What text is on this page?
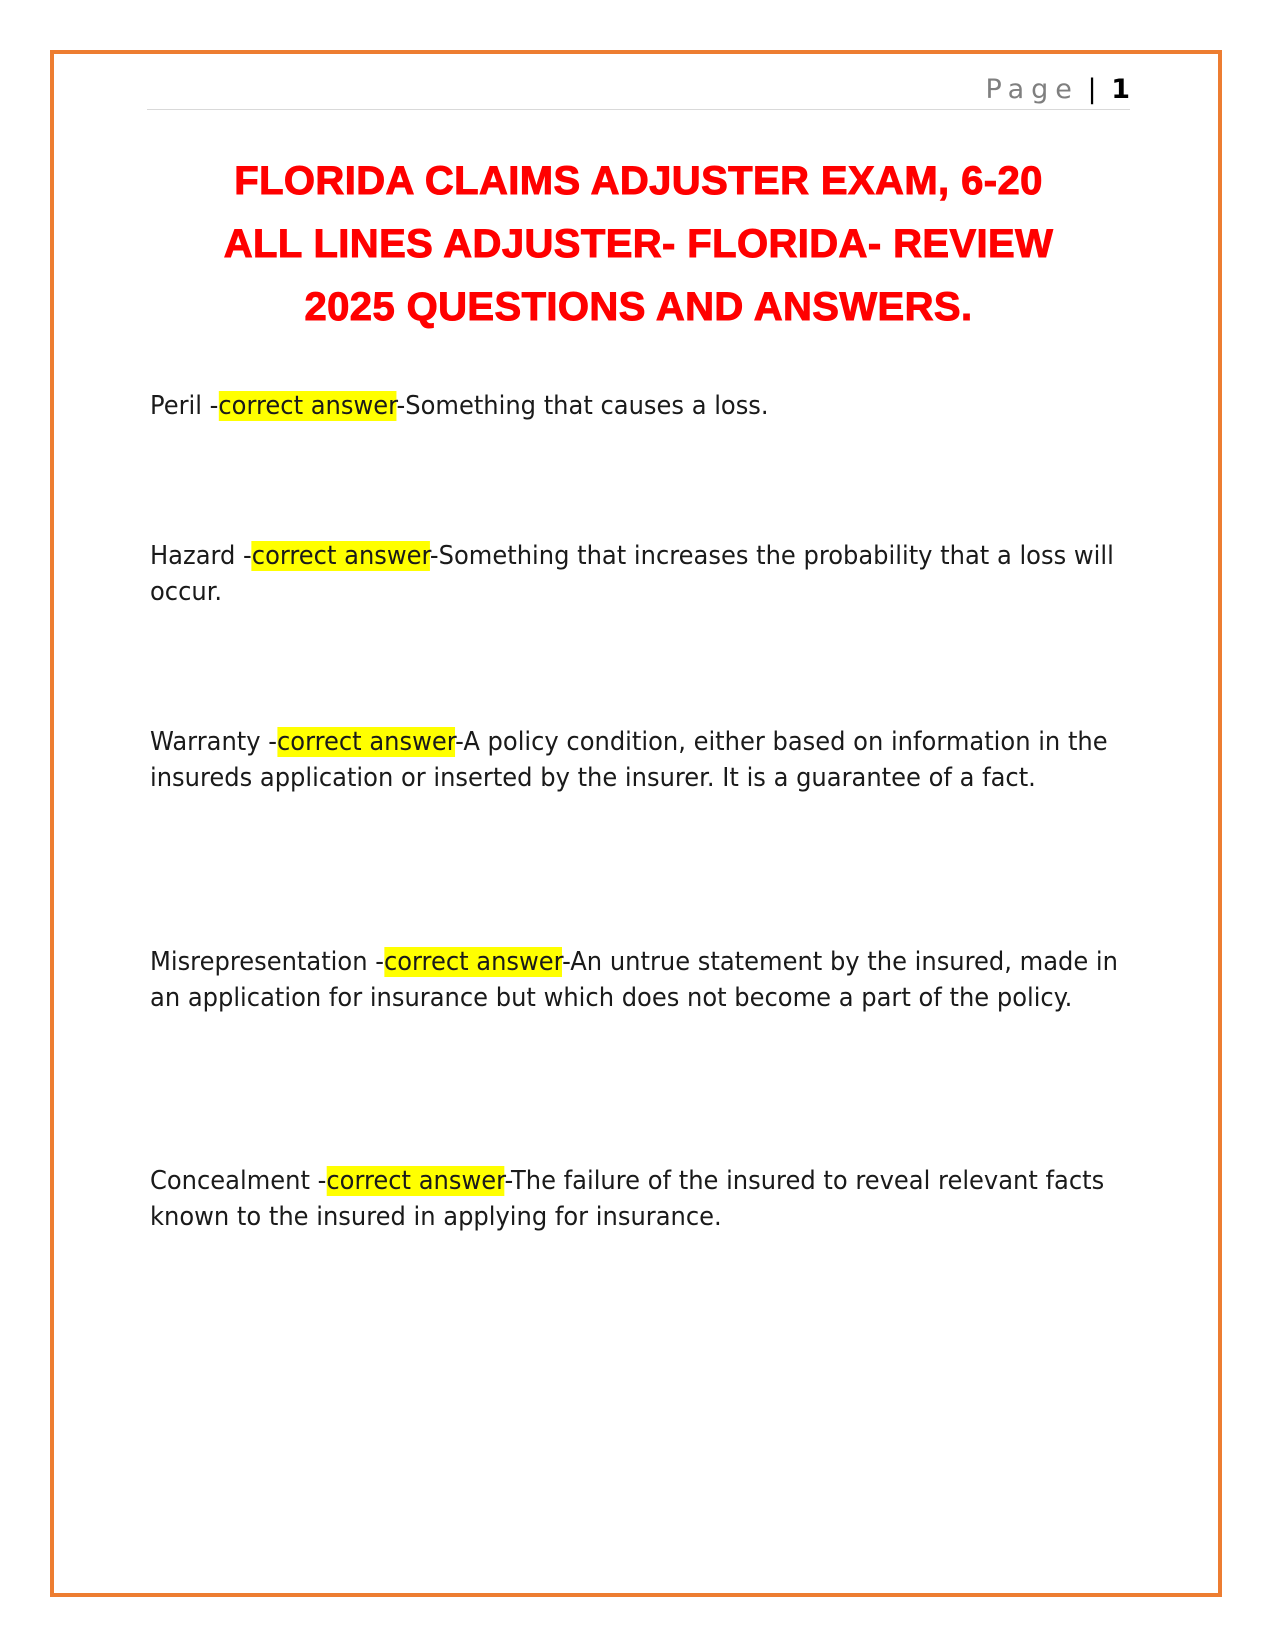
Page | 1
FLORIDA CLAIMS ADJUSTER EXAM, 6-20
ALL LINES ADJUSTER- FLORIDA- REVIEW
2025 QUESTIONS AND ANSWERS.

Peril -correct answer-Something that causes a loss.

Hazard -correct answer-Something that increases the probability that a loss will occur.

Warranty -correct answer-A policy condition, either based on information in the insureds application or inserted by the insurer. It is a guarantee of a fact.

Misrepresentation -correct answer-An untrue statement by the insured, made in an application for insurance but which does not become a part of the policy.

Concealment -correct answer-The failure of the insured to reveal relevant facts known to the insured in applying for insurance.
